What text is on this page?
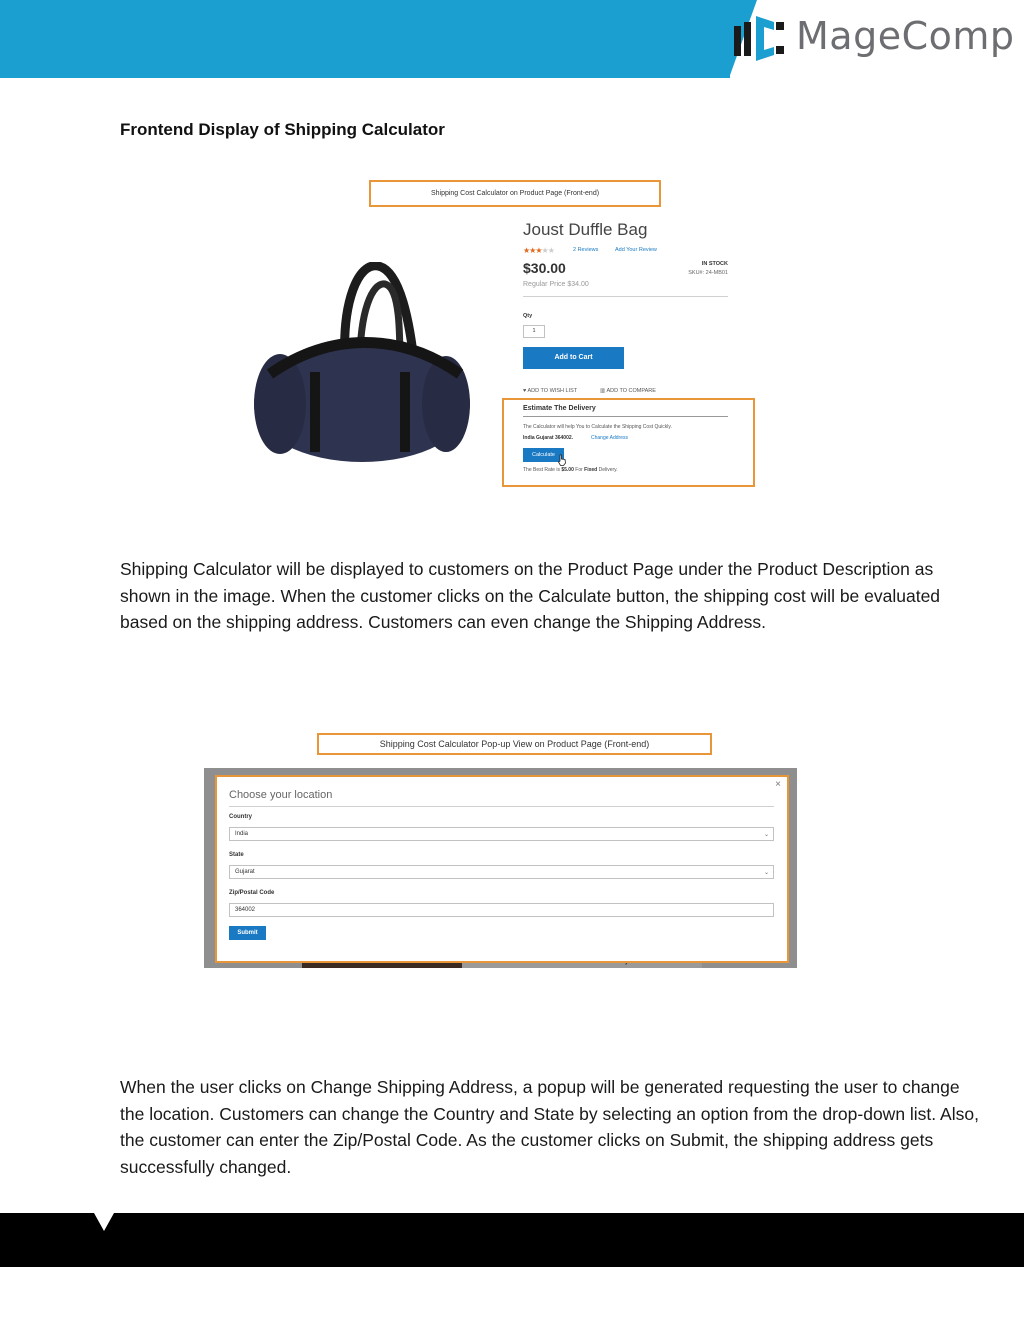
MageComp
Frontend Display of Shipping Calculator
Shipping Cost Calculator on Product Page (Front-end)
Joust Duffle Bag
★★★★★	2 Reviews	Add Your Review
$30.00
Regular Price $34.00
IN STOCK
SKU#: 24-MB01
Qty
1
Add to Cart
♥ ADD TO WISH LIST	▥ ADD TO COMPARE
Estimate The Delivery
The Calculator will help You to Calculate the Shipping Cost Quickly.
India Gujarat 364002.	Change Address
Calculate
The Best Rate is $5.00 For Fixed Delivery.

Shipping Calculator will be displayed to customers on the Product Page under the Product Description as shown in the image. When the customer clicks on the Calculate button, the shipping cost will be evaluated based on the shipping address. Customers can even change the Shipping Address.

Shipping Cost Calculator Pop-up View on Product Page (Front-end)
×
Choose your location
Country
India	⌄
State
Gujarat	⌄
Zip/Postal Code
364002
Submit

When the user clicks on Change Shipping Address, a popup will be generated requesting the user to change the location. Customers can change the Country and State by selecting an option from the drop-down list. Also, the customer can enter the Zip/Postal Code. As the customer clicks on Submit, the shipping address gets successfully changed.
